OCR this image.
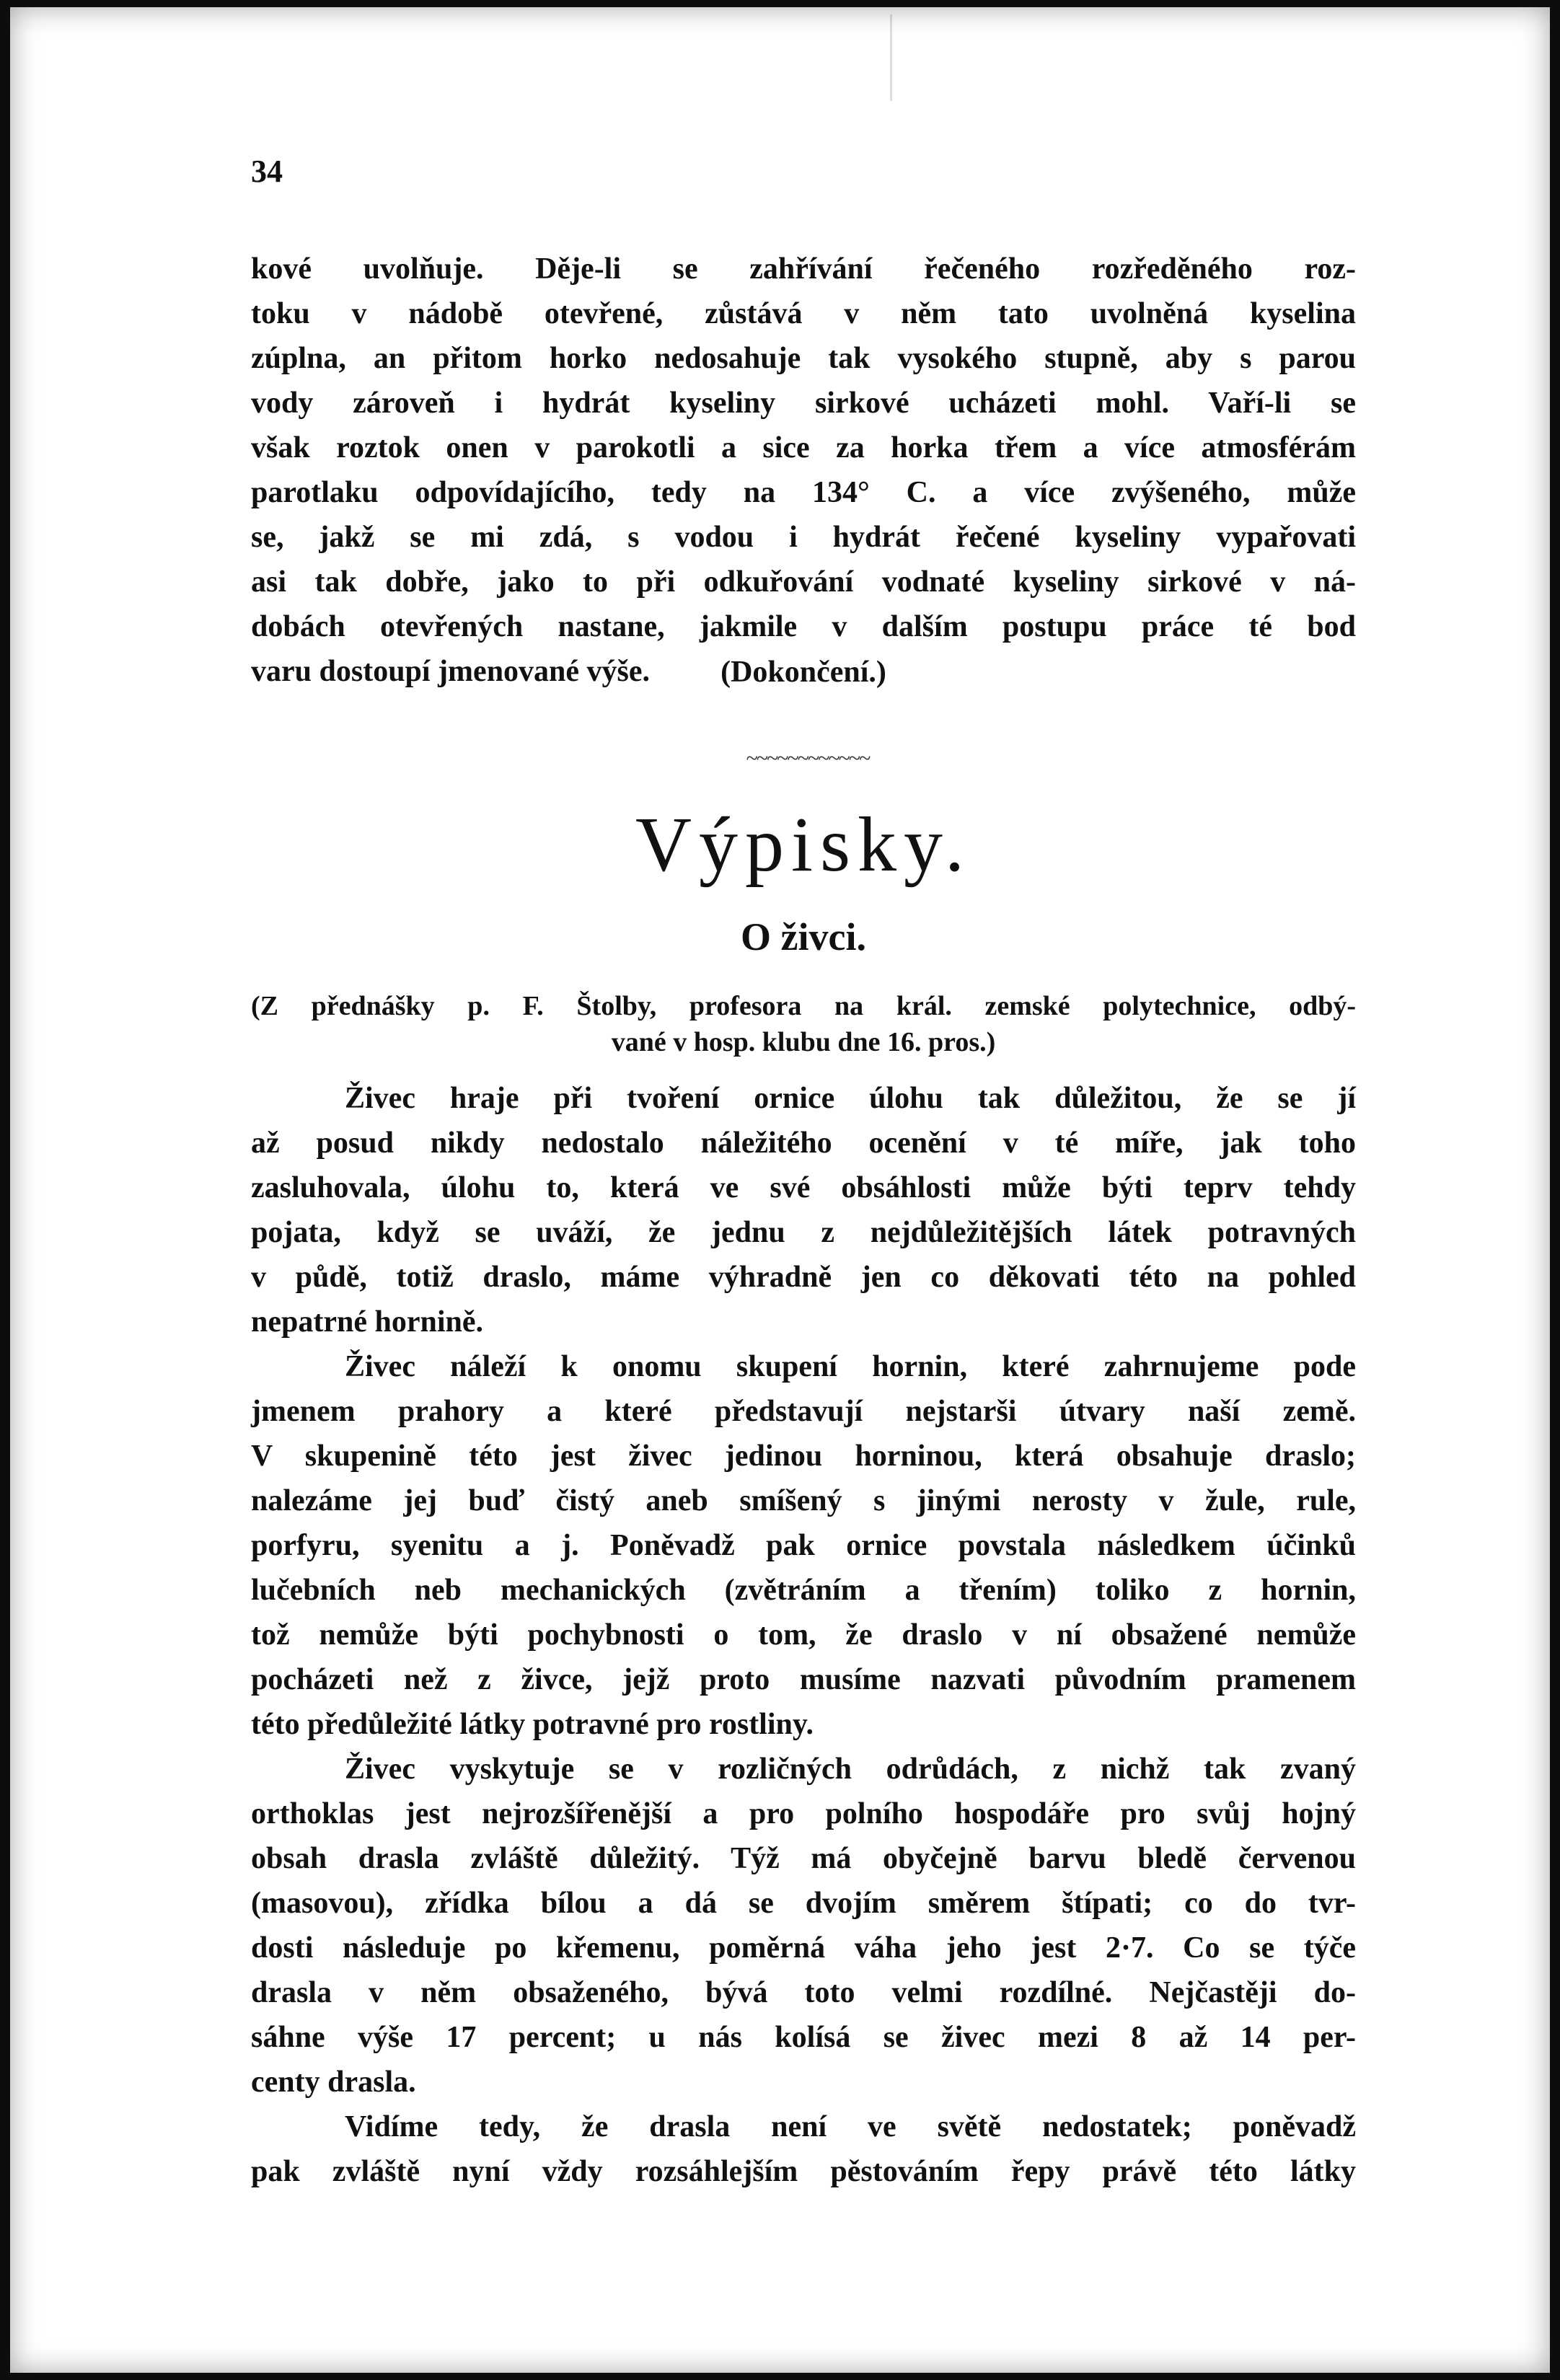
34
kové uvolňuje. Děje-li se zahřívání řečeného rozředěného roz-
toku v nádobě otevřené, zůstává v něm tato uvolněná kyselina
zúplna, an přitom horko nedosahuje tak vysokého stupně, aby s parou
vody zároveň i hydrát kyseliny sirkové ucházeti mohl. Vaří-li se
však roztok onen v parokotli a sice za horka třem a více atmosférám
parotlaku odpovídajícího, tedy na 134° C. a více zvýšeného, může
se, jakž se mi zdá, s vodou i hydrát řečené kyseliny vypařovati
asi tak dobře, jako to při odkuřování vodnaté kyseliny sirkové v ná-
dobách otevřených nastane, jakmile v dalším postupu práce té bod
varu dostoupí jmenované výše.	(Dokončení.)
~~~~~~~~~~~~
Výpisky.
O živci.
(Z přednášky p. F. Štolby, profesora na král. zemské polytechnice, odbý-
vané v hosp. klubu dne 16. pros.)
Živec hraje při tvoření ornice úlohu tak důležitou, že se jí
až posud nikdy nedostalo náležitého ocenění v té míře, jak toho
zasluhovala, úlohu to, která ve své obsáhlosti může býti teprv tehdy
pojata, když se uváží, že jednu z nejdůležitějších látek potravných
v půdě, totiž draslo, máme výhradně jen co děkovati této na pohled
nepatrné hornině.
Živec náleží k onomu skupení hornin, které zahrnujeme pode
jmenem prahory a které představují nejstarši útvary naší země.
V skupenině této jest živec jedinou horninou, která obsahuje draslo;
nalezáme jej buď čistý aneb smíšený s jinými nerosty v žule, rule,
porfyru, syenitu a j. Poněvadž pak ornice povstala následkem účinků
lučebních neb mechanických (zvětráním a třením) toliko z hornin,
tož nemůže býti pochybnosti o tom, že draslo v ní obsažené nemůže
pocházeti než z živce, jejž proto musíme nazvati původním pramenem
této předůležité látky potravné pro rostliny.
Živec vyskytuje se v rozličných odrůdách, z nichž tak zvaný
orthoklas jest nejrozšířenější a pro polního hospodáře pro svůj hojný
obsah drasla zvláště důležitý. Týž má obyčejně barvu bledě červenou
(masovou), zřídka bílou a dá se dvojím směrem štípati; co do tvr-
dosti následuje po křemenu, poměrná váha jeho jest 2·7. Co se týče
drasla v něm obsaženého, bývá toto velmi rozdílné. Nejčastěji do-
sáhne výše 17 percent; u nás kolísá se živec mezi 8 až 14 per-
centy drasla.
Vidíme tedy, že drasla není ve světě nedostatek; poněvadž
pak zvláště nyní vždy rozsáhlejším pěstováním řepy právě této látky
